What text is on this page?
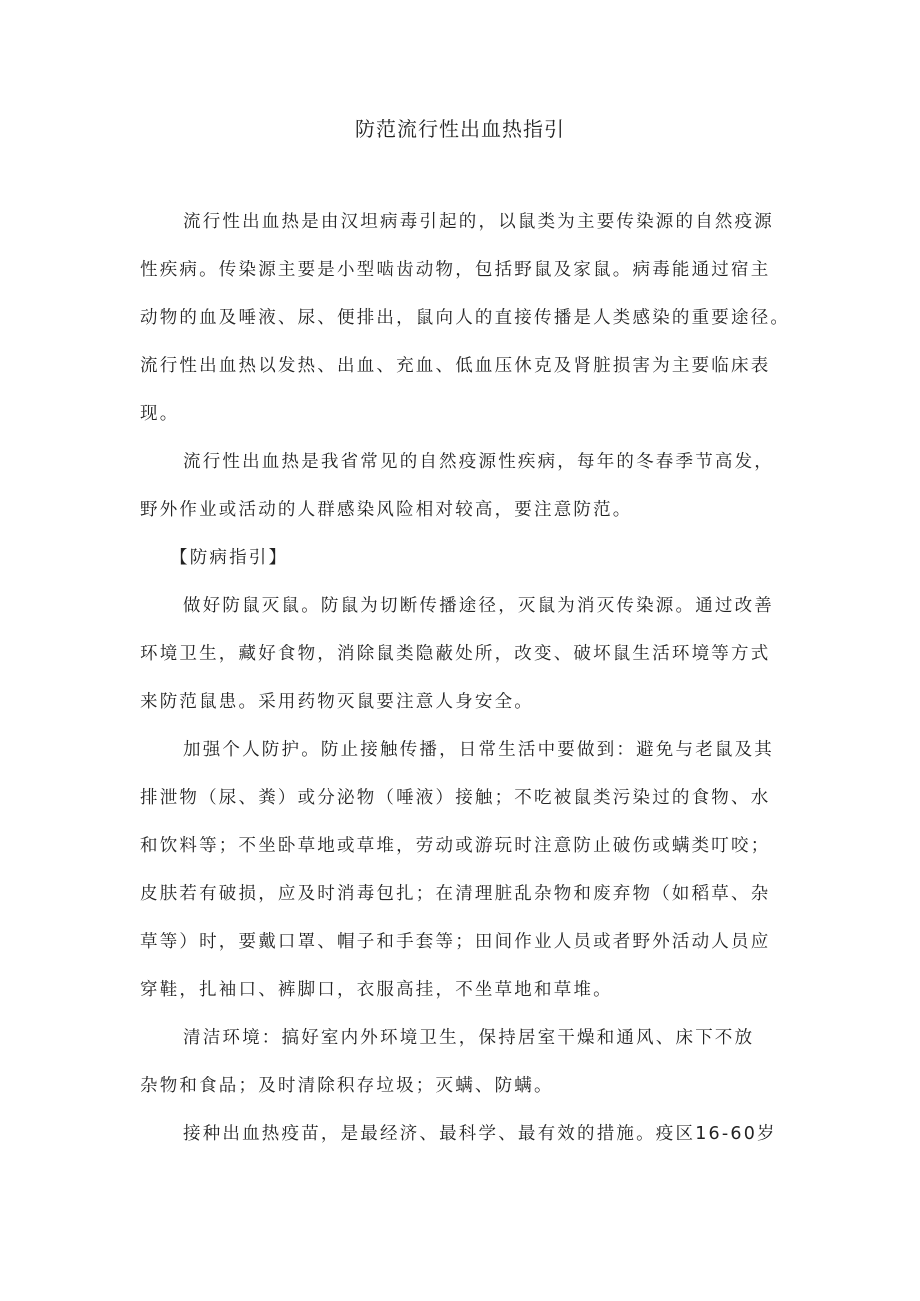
防范流行性出血热指引
流行性出血热是由汉坦病毒引起的，以鼠类为主要传染源的自然疫源
性疾病。传染源主要是小型啮齿动物，包括野鼠及家鼠。病毒能通过宿主
动物的血及唾液、尿、便排出，鼠向人的直接传播是人类感染的重要途径。
流行性出血热以发热、出血、充血、低血压休克及肾脏损害为主要临床表
现。
流行性出血热是我省常见的自然疫源性疾病，每年的冬春季节高发，
野外作业或活动的人群感染风险相对较高，要注意防范。
【防病指引】
做好防鼠灭鼠。防鼠为切断传播途径，灭鼠为消灭传染源。通过改善
环境卫生，藏好食物，消除鼠类隐蔽处所，改变、破坏鼠生活环境等方式
来防范鼠患。采用药物灭鼠要注意人身安全。
加强个人防护。防止接触传播，日常生活中要做到：避免与老鼠及其
排泄物（尿、粪）或分泌物（唾液）接触；不吃被鼠类污染过的食物、水
和饮料等；不坐卧草地或草堆，劳动或游玩时注意防止破伤或螨类叮咬；
皮肤若有破损，应及时消毒包扎；在清理脏乱杂物和废弃物（如稻草、杂
草等）时，要戴口罩、帽子和手套等；田间作业人员或者野外活动人员应
穿鞋，扎袖口、裤脚口，衣服高挂，不坐草地和草堆。
清洁环境：搞好室内外环境卫生，保持居室干燥和通风、床下不放
杂物和食品；及时清除积存垃圾；灭螨、防螨。
接种出血热疫苗，是最经济、最科学、最有效的措施。疫区16-60岁
